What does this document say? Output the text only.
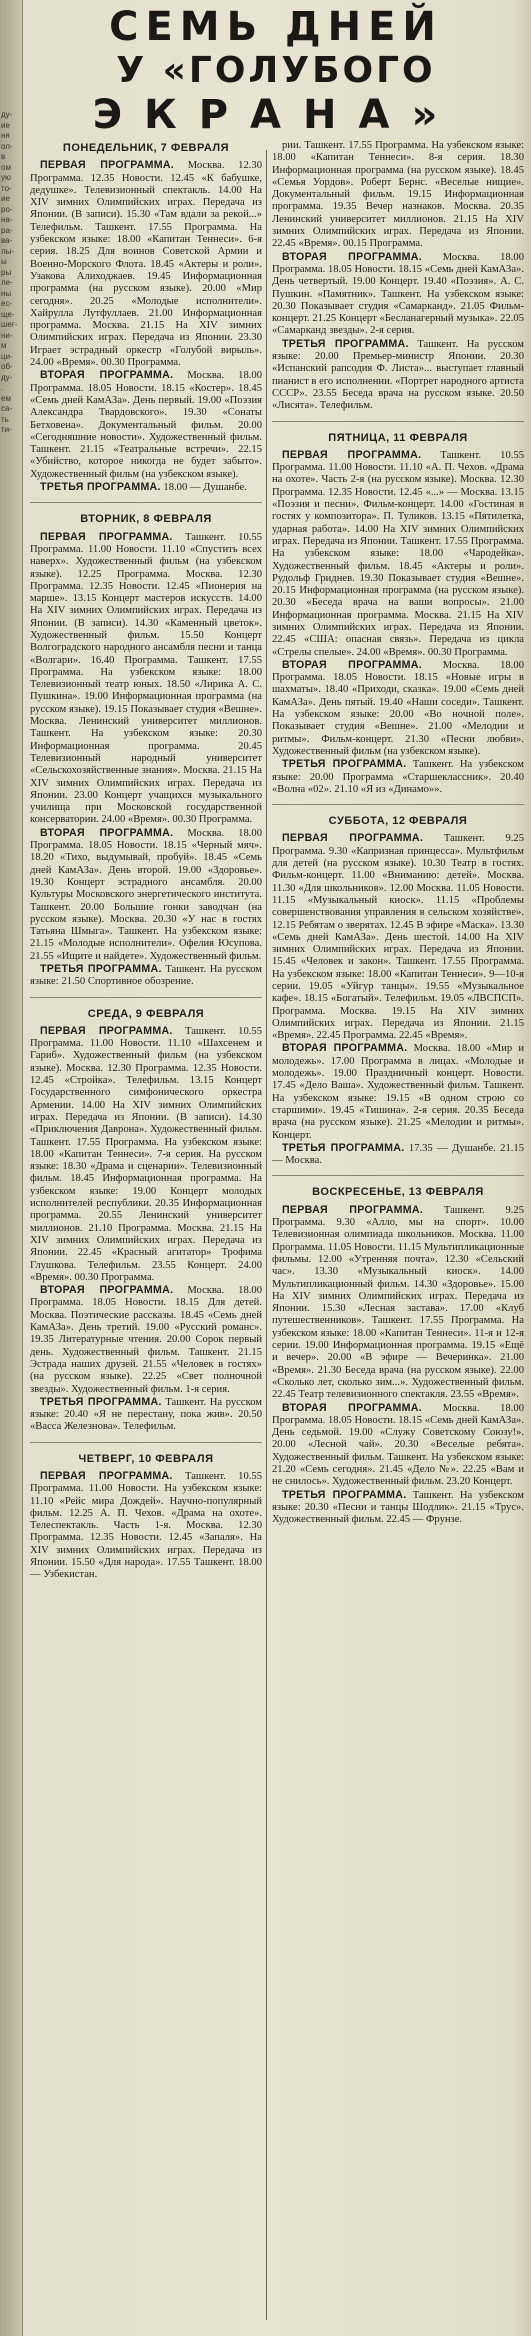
ду-
ие
ня
ол-
в
ом
ую
то-
ие
ро-
на-
ра-
ва-
лы-
ы
ры
ле-
ны
ес-
ще-
шег-
ни-
м
ци-
об-
ду-
.
ем
са-
ть
ти-
СЕМЬ ДНЕЙ
У «ГОЛУБОГО
ЭКРАНА»
ПОНЕДЕЛЬНИК, 7 ФЕВРАЛЯ

ПЕРВАЯ ПРОГРАММА. Москва. 12.30 Программа. 12.35 Новости. 12.45 «К бабушке, дедушке». Телевизионный спектакль. 14.00 На XIV зимних Олимпийских играх. Передача из Японии. (В записи). 15.30 «Там вдали за рекой...» Телефильм. Ташкент. 17.55 Программа. На узбекском языке: 18.00 «Капитан Теннеси». 6-я серия. 18.25 Для воинов Советской Армии и Военно-Морского Флота. 18.45 «Актеры и роли». Узакова Алиходжаев. 19.45 Информационная программа (на русском языке). 20.00 «Мир сегодня». 20.25 «Молодые исполнители». Хайрулла Лутфуллаев. 21.00 Информационная программа. Москва. 21.15 На XIV зимних Олимпийских играх. Передача из Японии. 23.30 Играет эстрадный оркестр «Голубой вирыль». 24.00 «Время». 00.30 Программа.

ВТОРАЯ ПРОГРАММА. Москва. 18.00 Программа. 18.05 Новости. 18.15 «Костер». 18.45 «Семь дней КамАЗа». День первый. 19.00 «Поэзия Александра Твардовского». 19.30 «Сонаты Бетховена». Документальный фильм. 20.00 «Сегодняшние новости». Художественный фильм. Ташкент. 21.15 «Театральные встречи». 22.15 «Убийство, которое никогда не будет забыто». Художественный фильм (на узбекском языке).

ТРЕТЬЯ ПРОГРАММА. 18.00 — Душанбе.

ВТОРНИК, 8 ФЕВРАЛЯ

ПЕРВАЯ ПРОГРАММА. Ташкент. 10.55 Программа. 11.00 Новости. 11.10 «Спустить всех наверх». Художественный фильм (на узбекском языке). 12.25 Программа. Москва. 12.30 Программа. 12.35 Новости. 12.45 «Пионерия на марше». 13.15 Концерт мастеров искусств. 14.00 На XIV зимних Олимпийских играх. Передача из Японии. (В записи). 14.30 «Каменный цветок». Художественный фильм. 15.50 Концерт Волгоградского народного ансамбля песни и танца «Волгари». 16.40 Программа. Ташкент. 17.55 Программа. На узбекском языке: 18.00 Телевизионный театр юных. 18.50 «Лирика А. С. Пушкина». 19.00 Информационная программа (на русском языке). 19.15 Показывает студия «Вешне». Москва. Ленинский университет миллионов. Ташкент. На узбекском языке: 20.30 Информационная программа. 20.45 Телевизионный народный университет «Сельскохозяйственные знания». Москва. 21.15 На XIV зимних Олимпийских играх. Передача из Японии. 23.00 Концерт учащихся музыкального училища при Московской государственной консерватории. 24.00 «Время». 00.30 Программа.

ВТОРАЯ ПРОГРАММА. Москва. 18.00 Программа. 18.05 Новости. 18.15 «Черный мяч». 18.20 «Тихо, выдумывай, пробуй». 18.45 «Семь дней КамАЗа». День второй. 19.00 «Здоровье». 19.30 Концерт эстрадного ансамбля. 20.00 Культуры Московского энергетического института. Ташкент. 20.00 Большие гонки заводчан (на русском языке). Москва. 20.30 «У нас в гостях Татьяна Шмыга». Ташкент. На узбекском языке: 21.15 «Молодые исполнители». Офелия Юсупова. 21.55 «Ищите и найдете». Художественный фильм.

ТРЕТЬЯ ПРОГРАММА. Ташкент. На русском языке: 21.50 Спортивное обозрение.

СРЕДА, 9 ФЕВРАЛЯ

ПЕРВАЯ ПРОГРАММА. Ташкент. 10.55 Программа. 11.00 Новости. 11.10 «Шахсенем и Гариб». Художественный фильм (на узбекском языке). Москва. 12.30 Программа. 12.35 Новости. 12.45 «Стройка». Телефильм. 13.15 Концерт Государственного симфонического оркестра Армении. 14.00 На XIV зимних Олимпийских играх. Передача из Японии. (В записи). 14.30 «Приключения Даврона». Художественный фильм. Ташкент. 17.55 Программа. На узбекском языке: 18.00 «Капитан Теннеси». 7-я серия. На русском языке: 18.30 «Драма и сценарии». Телевизионный фильм. 18.45 Информационная программа. На узбекском языке: 19.00 Концерт молодых исполнителей республики. 20.35 Информационная программа. 20.55 Ленинский университет миллионов. 21.10 Программа. Москва. 21.15 На XIV зимних Олимпийских играх. Передача из Японии. 22.45 «Красный агитатор» Трофима Глушкова. Телефильм. 23.55 Концерт. 24.00 «Время». 00.30 Программа.

ВТОРАЯ ПРОГРАММА. Москва. 18.00 Программа. 18.05 Новости. 18.15 Для детей. Москва. Поэтические рассказы. 18.45 «Семь дней КамАЗа». День третий. 19.00 «Русский романс». 19.35 Литературные чтения. 20.00 Сорок первый день. Художественный фильм. Ташкент. 21.15 Эстрада наших друзей. 21.55 «Человек в гостях» (на русском языке). 22.25 «Свет полночной звезды». Художественный фильм. 1-я серия.

ТРЕТЬЯ ПРОГРАММА. Ташкент. На русском языке: 20.40 «Я не перестану, пока жив». 20.50 «Васса Железнова». Телефильм.

ЧЕТВЕРГ, 10 ФЕВРАЛЯ

ПЕРВАЯ ПРОГРАММА. Ташкент. 10.55 Программа. 11.00 Новости. На узбекском языке: 11.10 «Рейс мира Дождей». Научно-популярный фильм. 12.25 А. П. Чехов. «Драма на охоте». Телеспектакль. Часть 1-я. Москва. 12.30 Программа. 12.35 Новости. 12.45 «Запаля». На XIV зимних Олимпийских играх. Передача из Японии. 15.50 «Для народа». 17.55 Ташкент. 18.00 — Узбекистан.

рии. Ташкент. 17.55 Программа. На узбекском языке: 18.00 «Капитан Теннеси». 8-я серия. 18.30 Информационная программа (на русском языке). 18.45 «Семья Уордов». Роберт Бернс. «Веселые нищие». Документальный фильм. 19.15 Информационная программа. 19.35 Вечер назнаков. Москва. 20.35 Ленинский университет миллионов. 21.15 На XIV зимних Олимпийских играх. Передача из Японии. 22.45 «Время». 00.15 Программа.

ВТОРАЯ ПРОГРАММА. Москва. 18.00 Программа. 18.05 Новости. 18.15 «Семь дней КамАЗа». День четвертый. 19.00 Концерт. 19.40 «Поэзия». А. С. Пушкин. «Памятник». Ташкент. На узбекском языке: 20.30 Показывает студия «Самарканд». 21.05 Фильм-концерт. 21.25 Концерт «Бесланагерный музыка». 22.05 «Самарканд звезды». 2-я серия.

ТРЕТЬЯ ПРОГРАММА. Ташкент. На русском языке: 20.00 Премьер-министр Японии. 20.30 «Испанский рапсодия Ф. Листа»... выступает главный пианист в его исполнении. «Портрет народного артиста СССР». 23.55 Беседа врача на русском языке. 20.50 «Лисята». Телефильм.

ПЯТНИЦА, 11 ФЕВРАЛЯ

ПЕРВАЯ ПРОГРАММА. Ташкент. 10.55 Программа. 11.00 Новости. 11.10 «А. П. Чехов. «Драма на охоте». Часть 2-я (на русском языке). Москва. 12.30 Программа. 12.35 Новости. 12.45 «...» — Москва. 13.15 «Поэзия и песни». Фильм-концерт. 14.00 «Гостиная в гостях у композитора». П. Туликов. 13.15 «Пятилетка, ударная работа». 14.00 На XIV зимних Олимпийских играх. Передача из Японии. Ташкент. 17.55 Программа. На узбекском языке: 18.00 «Чародейка». Художественный фильм. 18.45 «Актеры и роли». Рудольф Гриднев. 19.30 Показывает студия «Вешне». 20.15 Информационная программа (на русском языке). 20.30 «Беседа врача на ваши вопросы». 21.00 Информационная программа. Москва. 21.15 На XIV зимних Олимпийских играх. Передача из Японии. 22.45 «США: опасная связь». Передача из цикла «Стрелы спелые». 24.00 «Время». 00.30 Программа.

ВТОРАЯ ПРОГРАММА. Москва. 18.00 Программа. 18.05 Новости. 18.15 «Новые игры в шахматы». 18.40 «Приходи, сказка». 19.00 «Семь дней КамАЗа». День пятый. 19.40 «Наши соседи». Ташкент. На узбекском языке: 20.00 «Во ночной поле». Показывает студия «Вешне». 21.00 «Мелодии и ритмы». Фильм-концерт. 21.30 «Песни любви». Художественный фильм (на узбекском языке).

ТРЕТЬЯ ПРОГРАММА. Ташкент. На узбекском языке: 20.00 Программа «Старшеклассник». 20.40 «Волна «02». 21.10 «Я из «Динамо»».

СУББОТА, 12 ФЕВРАЛЯ

ПЕРВАЯ ПРОГРАММА. Ташкент. 9.25 Программа. 9.30 «Капризная принцесса». Мультфильм для детей (на русском языке). 10.30 Театр в гостях. Фильм-концерт. 11.00 «Вниманию: детей». Москва. 11.30 «Для школьников». 12.00 Москва. 11.05 Новости. 11.15 «Музыкальный киоск». 11.15 «Проблемы совершенствования управления в сельском хозяйстве». 12.15 Ребятам о зверятах. 12.45 В эфире «Маска». 13.30 «Семь дней КамАЗа». День шестой. 14.00 На XIV зимних Олимпийских играх. Передача из Японии. 15.45 «Человек и закон». Ташкент. 17.55 Программа. На узбекском языке: 18.00 «Капитан Теннеси». 9—10-я серии. 19.05 «Уйгур танцы». 19.55 «Музыкальное кафе». 18.15 «Богатый». Телефильм. 19.05 «ЛВСПСП». Программа. Москва. 19.15 На XIV зимних Олимпийских играх. Передача из Японии. 21.15 «Время». 22.45 Программа. 22.45 «Время».

ВТОРАЯ ПРОГРАММА. Москва. 18.00 «Мир и молодежь». 17.00 Программа в лицах. «Молодые и молодежь». 19.00 Праздничный концерт. Новости. 17.45 «Дело Ваша». Художественный фильм. Ташкент. На узбекском языке: 19.15 «В одном строю со старшими». 19.45 «Тишина». 2-я серия. 20.35 Беседа врача (на русском языке). 21.25 «Мелодии и ритмы». Концерт.

ТРЕТЬЯ ПРОГРАММА. 17.35 — Душанбе. 21.15 — Москва.

ВОСКРЕСЕНЬЕ, 13 ФЕВРАЛЯ

ПЕРВАЯ ПРОГРАММА. Ташкент. 9.25 Программа. 9.30 «Алло, мы на спорт». 10.00 Телевизионная олимпиада школьников. Москва. 11.00 Программа. 11.05 Новости. 11.15 Мультипликационные фильмы. 12.00 «Утренняя почта». 12.30 «Сельский час». 13.30 «Музыкальный киоск». 14.00 Мультипликационный фильм. 14.30 «Здоровье». 15.00 На XIV зимних Олимпийских играх. Передача из Японии. 15.30 «Лесная застава». 17.00 «Клуб путешественников». Ташкент. 17.55 Программа. На узбекском языке: 18.00 «Капитан Теннеси». 11-я и 12-я серии. 19.00 Информационная программа. 19.15 «Ещё и вечер». 20.00 «В эфире — Вечеринка». 21.00 «Время». 21.30 Беседа врача (на русском языке). 22.00 «Сколько лет, сколько зим...». Художественный фильм. 22.45 Театр телевизионного спектакля. 23.55 «Время».

ВТОРАЯ ПРОГРАММА. Москва. 18.00 Программа. 18.05 Новости. 18.15 «Семь дней КамАЗа». День седьмой. 19.00 «Служу Советскому Союзу!». 20.00 «Лесной чай». 20.30 «Веселые ребята». Художественный фильм. Ташкент. На узбекском языке: 21.20 «Семь сегодня». 21.45 «Дело №». 22.25 «Вам и не снилось». Художественный фильм. 23.20 Концерт.

ТРЕТЬЯ ПРОГРАММА. Ташкент. На узбекском языке: 20.30 «Песни и танцы Шодлик». 21.15 «Трус». Художественный фильм. 22.45 — Фрунзе.
